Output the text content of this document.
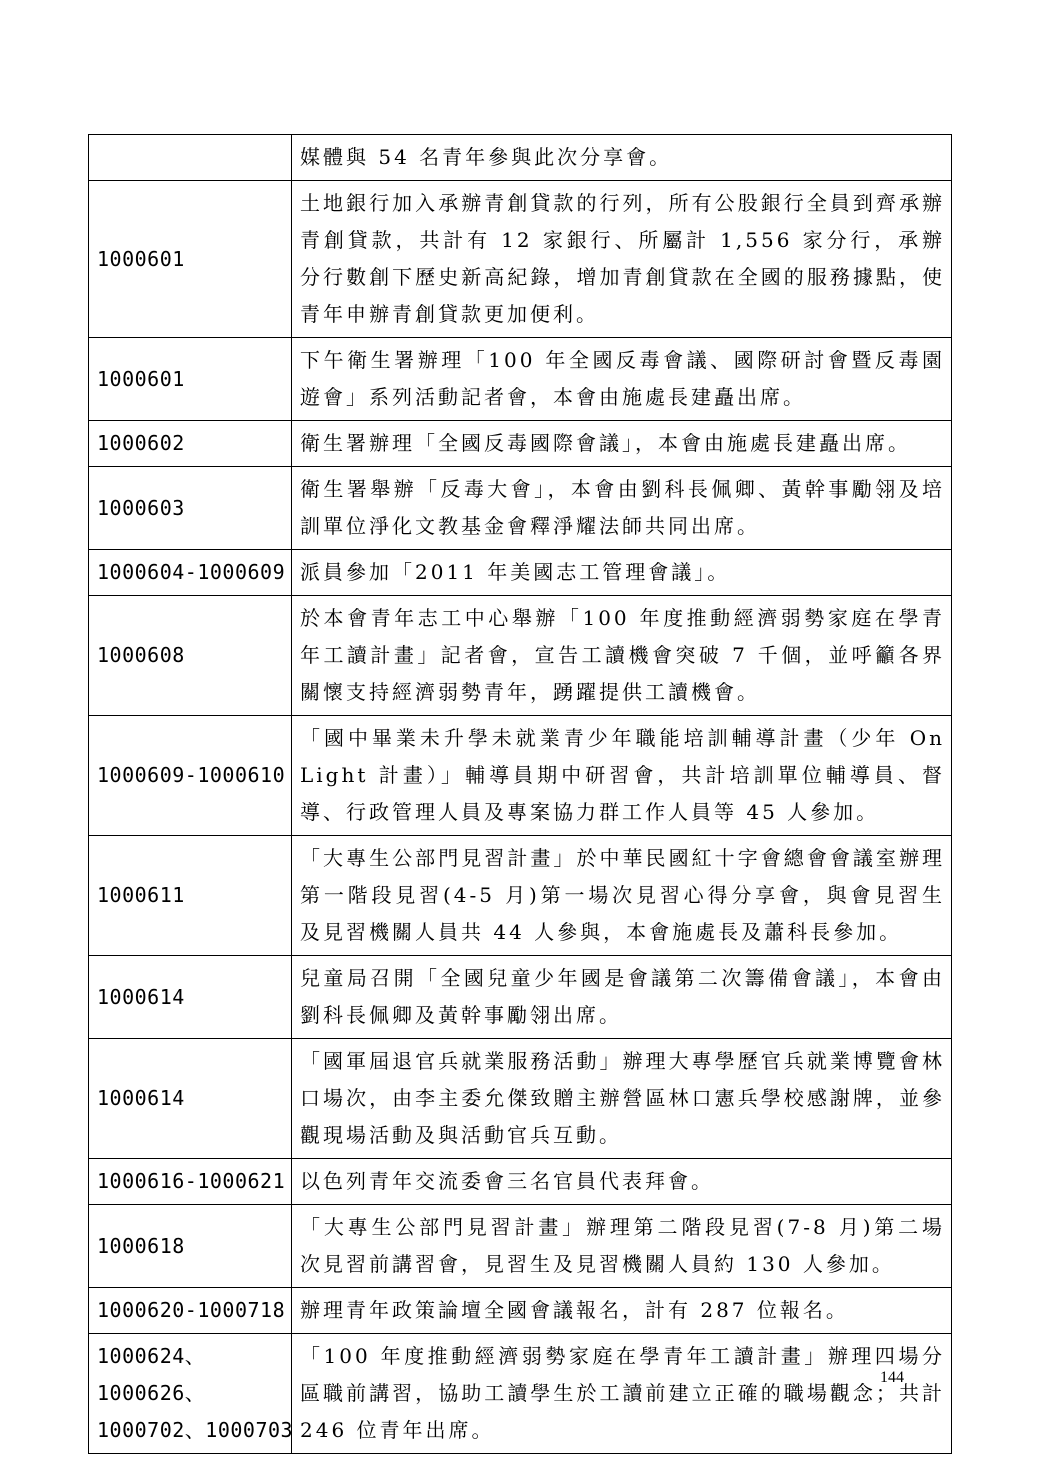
	媒體與 54 名青年參與此次分享會。

1000601	土地銀行加入承辦青創貸款的行列，所有公股銀行全員到齊承辦青創貸款，共計有 12 家銀行、所屬計 1,556 家分行，承辦分行數創下歷史新高紀錄，增加青創貸款在全國的服務據點，使青年申辦青創貸款更加便利。

1000601	下午衛生署辦理「100 年全國反毒會議、國際研討會暨反毒園遊會」系列活動記者會，本會由施處長建矗出席。

1000602	衛生署辦理「全國反毒國際會議」，本會由施處長建矗出席。

1000603	衛生署舉辦「反毒大會」，本會由劉科長佩卿、黃幹事勵翎及培訓單位淨化文教基金會釋淨耀法師共同出席。

1000604-1000609	派員參加「2011 年美國志工管理會議」。

1000608	於本會青年志工中心舉辦「100 年度推動經濟弱勢家庭在學青年工讀計畫」記者會，宣告工讀機會突破 7 千個，並呼籲各界關懷支持經濟弱勢青年，踴躍提供工讀機會。

1000609-1000610	「國中畢業未升學未就業青少年職能培訓輔導計畫（少年 On Light 計畫）」輔導員期中研習會，共計培訓單位輔導員、督導、行政管理人員及專案協力群工作人員等 45 人參加。

1000611	「大專生公部門見習計畫」於中華民國紅十字會總會會議室辦理第一階段見習(4-5 月)第一場次見習心得分享會，與會見習生及見習機關人員共 44 人參與，本會施處長及蕭科長參加。

1000614	兒童局召開「全國兒童少年國是會議第二次籌備會議」，本會由劉科長佩卿及黃幹事勵翎出席。

1000614	「國軍屆退官兵就業服務活動」辦理大專學歷官兵就業博覽會林口場次，由李主委允傑致贈主辦營區林口憲兵學校感謝牌，並參觀現場活動及與活動官兵互動。

1000616-1000621	以色列青年交流委會三名官員代表拜會。

1000618	「大專生公部門見習計畫」辦理第二階段見習(7-8 月)第二場次見習前講習會，見習生及見習機關人員約 130 人參加。

1000620-1000718	辦理青年政策論壇全國會議報名，計有 287 位報名。

1000624、
1000626、
1000702、1000703	「100 年度推動經濟弱勢家庭在學青年工讀計畫」辦理四場分區職前講習，協助工讀學生於工讀前建立正確的職場觀念；共計 246 位青年出席。
144
